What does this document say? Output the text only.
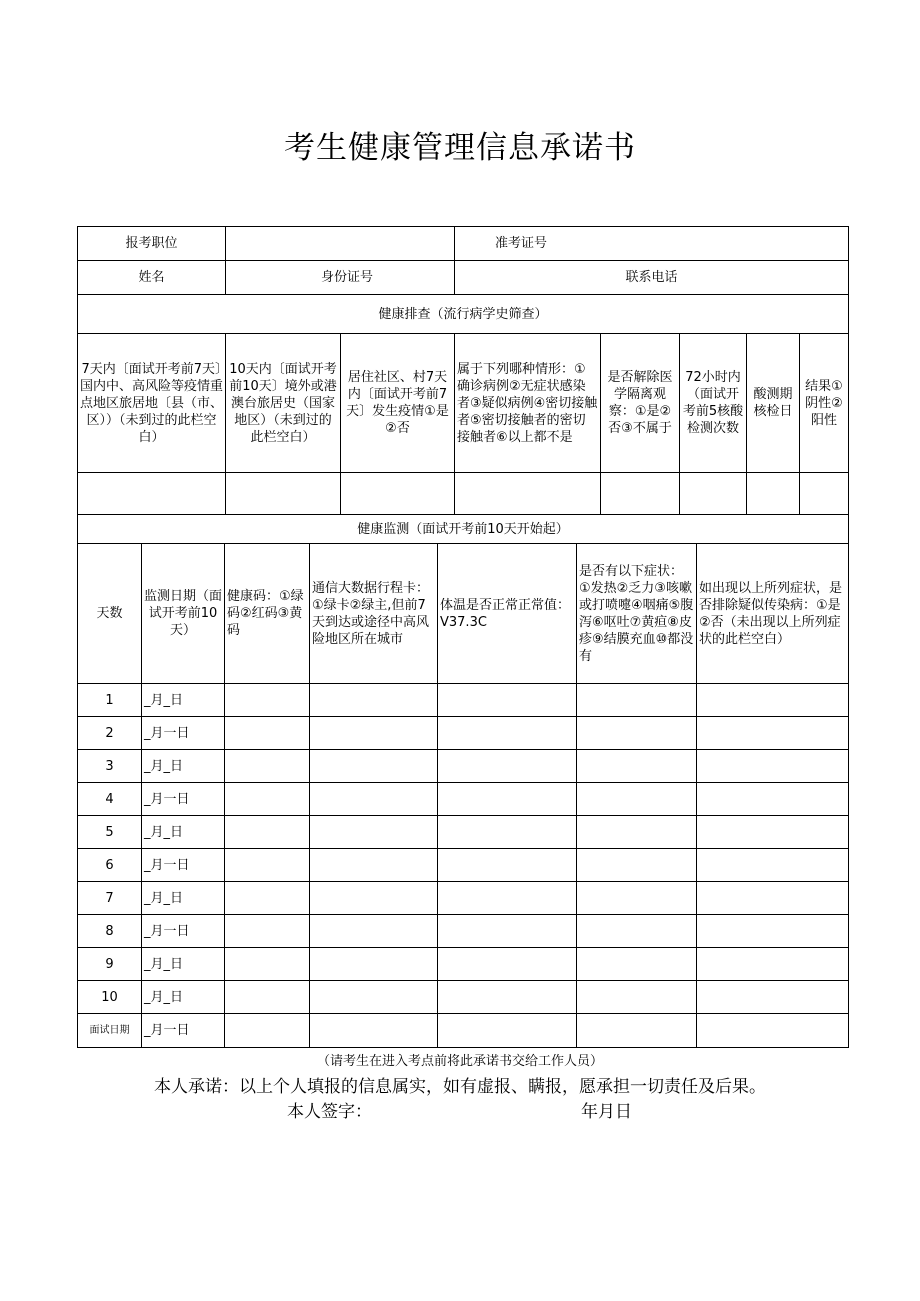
考生健康管理信息承诺书
报考职位			准考证号				
姓名	身份证号		联系电话				
健康排查（流行病学史筛查）							
7天内〔面试开考前7天〕国内中、高风险等疫情重点地区旅居地〔县（市、区））（未到过的此栏空白）	10天内〔面试开考前10天〕境外或港澳台旅居史（国家地区）（未到过的此栏空白）	居住社区、村7天内〔面试开考前7天〕发生疫情①是②否	属于下列哪种情形：①确诊病例②无症状感染者③疑似病例④密切接触者⑤密切接触者的密切接触者⑥以上都不是	是否解除医学隔离观察：①是②否③不属于	72小时内（面试开考前5核酸检测次数	酸测期核检日	结果①阴性②阳性

健康监测（面试开考前10天开始起）							
天数	监测日期（面试开考前10天）	健康码：①绿码②红码③黄码	通信大数据行程卡：①绿卡②绿主,但前7天到达或途径中高风险地区所在城市	体温是否正常正常值：V37.3C	是否有以下症状：①发热②乏力③咳嗽或打喷嚏④咽痛⑤腹泻⑥呕吐⑦黄疸⑧皮疹⑨结膜充血⑩都没有	如出现以上所列症状，是否排除疑似传染病：①是②否（未出现以上所列症状的此栏空白）
1	_月_日					
2	_月一日					
3	_月_日					
4	_月一日					
5	_月_日					
6	_月一日					
7	_月_日					
8	_月一日					
9	_月_日					
10	_月_日					
面试日期	_月一日					
（请考生在进入考点前将此承诺书交给工作人员）
本人承诺：以上个人填报的信息属实，如有虚报、瞒报，愿承担一切责任及后果。
本人签字：	年月日
